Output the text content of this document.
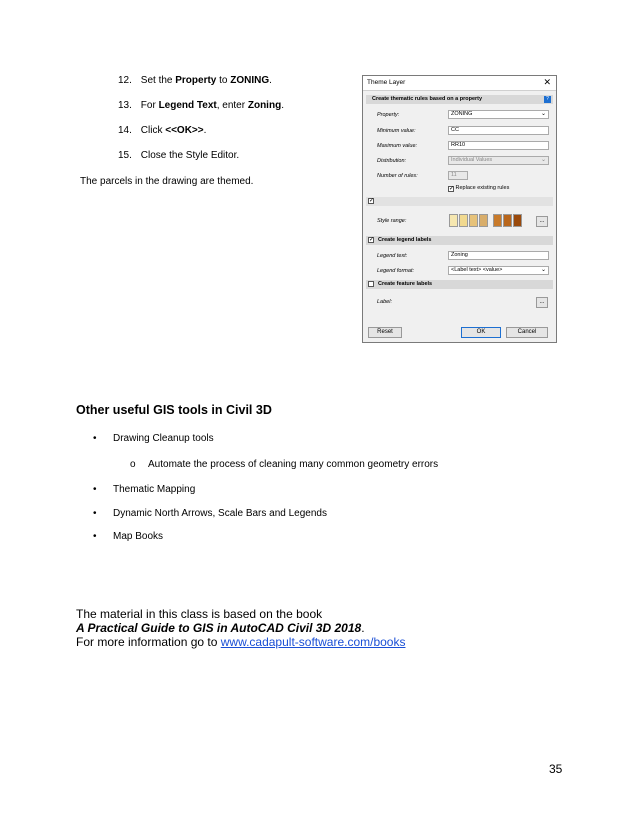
12. Set the Property to ZONING.
13. For Legend Text, enter Zoning.
14. Click <<OK>>.
15. Close the Style Editor.
The parcels in the drawing are themed.
Theme Layer	✕
Create thematic rules based on a property	?
Property:	ZONING	⌄
Minimum value:	CC
Maximum value:	RR10
Distribution:	Individual Values	⌄
Number of rules:	11
✓ Replace existing rules
✓
Style range:	...
✓ Create legend labels
Legend text:	Zoning
Legend format:	<Label text> <value>	⌄
Create feature labels
Label:	...
Reset	OK	Cancel
Other useful GIS tools in Civil 3D
• Drawing Cleanup tools
o Automate the process of cleaning many common geometry errors
• Thematic Mapping
• Dynamic North Arrows, Scale Bars and Legends
• Map Books
The material in this class is based on the book
A Practical Guide to GIS in AutoCAD Civil 3D 2018.
For more information go to www.cadapult-software.com/books
35
